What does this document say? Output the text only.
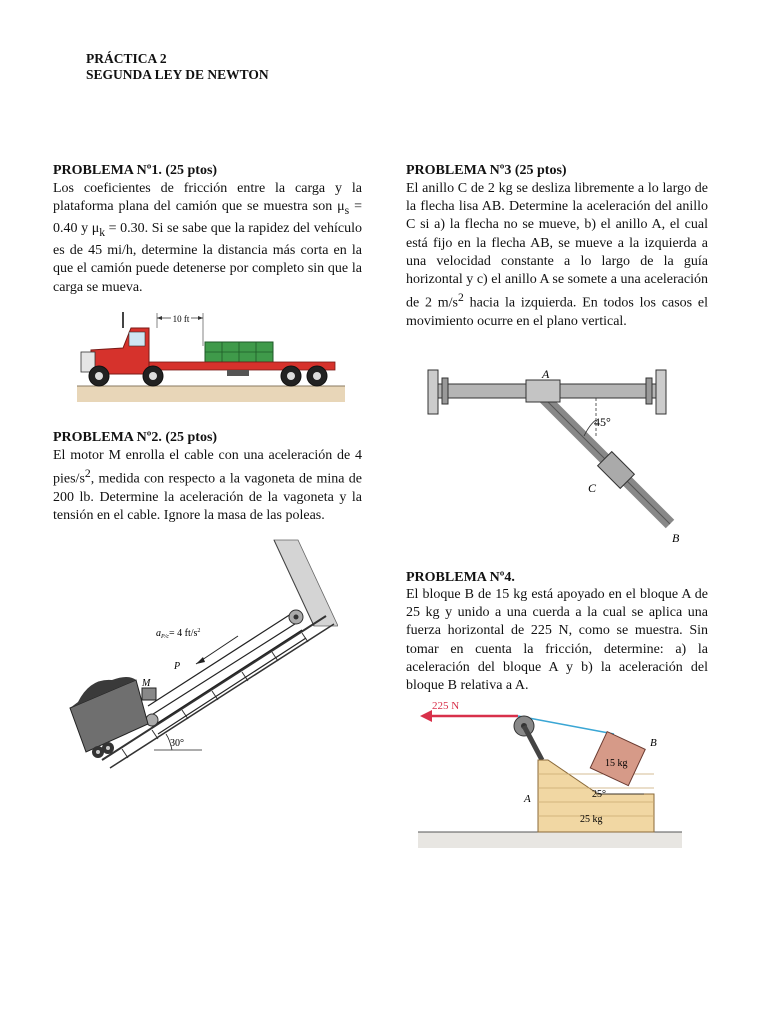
PRÁCTICA 2
SEGUNDA LEY DE NEWTON
PROBLEMA Nº1. (25 ptos)
Los coeficientes de fricción entre la carga y la plataforma plana del camión que se muestra son $\mu_s = 0.40$ y $\mu_k = 0.30$. Si se sabe que la rapidez del vehículo es de 45 mi/h, determine la distancia más corta en la que el camión puede detenerse por completo sin que la carga se mueva.
10 ft
PROBLEMA Nº2. (25 ptos)
El motor M enrolla el cable con una aceleración de 4 pies/$s^2$, medida con respecto a la vagoneta de mina de 200 lb. Determine la aceleración de la vagoneta y la tensión en el cable. Ignore la masa de las poleas.
30°
$a_{P/c}= 4$ $ft/s^2$
P
M
PROBLEMA Nº3 (25 ptos)
El anillo C de 2 kg se desliza libremente a lo largo de la flecha lisa AB. Determine la aceleración del anillo C si a) la flecha no se mueve, b) el anillo A, el cual está fijo en la flecha AB, se mueve a la izquierda a una velocidad constante a lo largo de la guía horizontal y c) el anillo A se somete a una aceleración de 2 $m/s^2$ hacia la izquierda. En todos los casos el movimiento ocurre en el plano vertical.
45°
A
C
B
PROBLEMA Nº4.
El bloque B de 15 kg está apoyado en el bloque A de 25 kg y unido a una cuerda a la cual se aplica una fuerza horizontal de 225 N, como se muestra. Sin tomar en cuenta la fricción, determine: a) la aceleración del bloque A y b) la aceleración del bloque B relativa a A.
225 N
25°
15 kg
25 kg
B
A
